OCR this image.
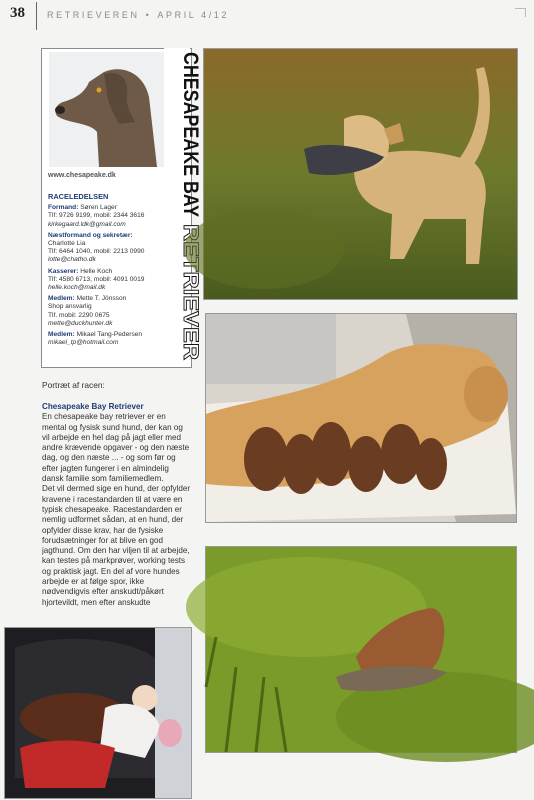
38 RETRIEVEREN • APRIL 4/12
CHESAPEAKE BAY
RETRIEVER
www.chesapeake.dk
RACELEDELSEN
Formand: Søren Lager
Tlf: 9726 9199, mobil: 2344 3616
kirkegaard.ldk@gmail.com
Næstformand og sekretær:
Charlotte Lia
Tlf: 6464 1040, mobil: 2213 0990
lotte@chatho.dk
Kasserer: Helle Koch
Tlf: 4580 6713, mobil: 4091 0019
helle.koch@mail.dk
Medlem: Mette T. Jönsson
Shop ansvarlig
Tlf. mobil: 2290 0675
mette@duckhunter.dk
Medlem: Mikael Tang-Pedersen
mikael_tp@hotmail.com
Portræt af racen:
Chesapeake Bay Retriever

En chesapeake bay retriever er en mental og fysisk sund hund, der kan og vil arbejde en hel dag på jagt eller med andre krævende opgaver - og den næste dag, og den næste ... - og som før og efter jagten fungerer i en almindelig dansk familie som familiemedlem.

Det vil dermed sige en hund, der opfylder kravene i racestandarden til at være en typisk chesapeake. Racestandarden er nemlig udformet sådan, at en hund, der opfylder disse krav, har de fysiske forudsætninger for at blive en god jagthund. Om den har viljen til at arbejde, kan testes på markprøver, working tests og praktisk jagt. En del af vore hundes arbejde er at følge spor, ikke nødvendigvis efter anskudt/påkørt hjortevildt, men efter anskudte
